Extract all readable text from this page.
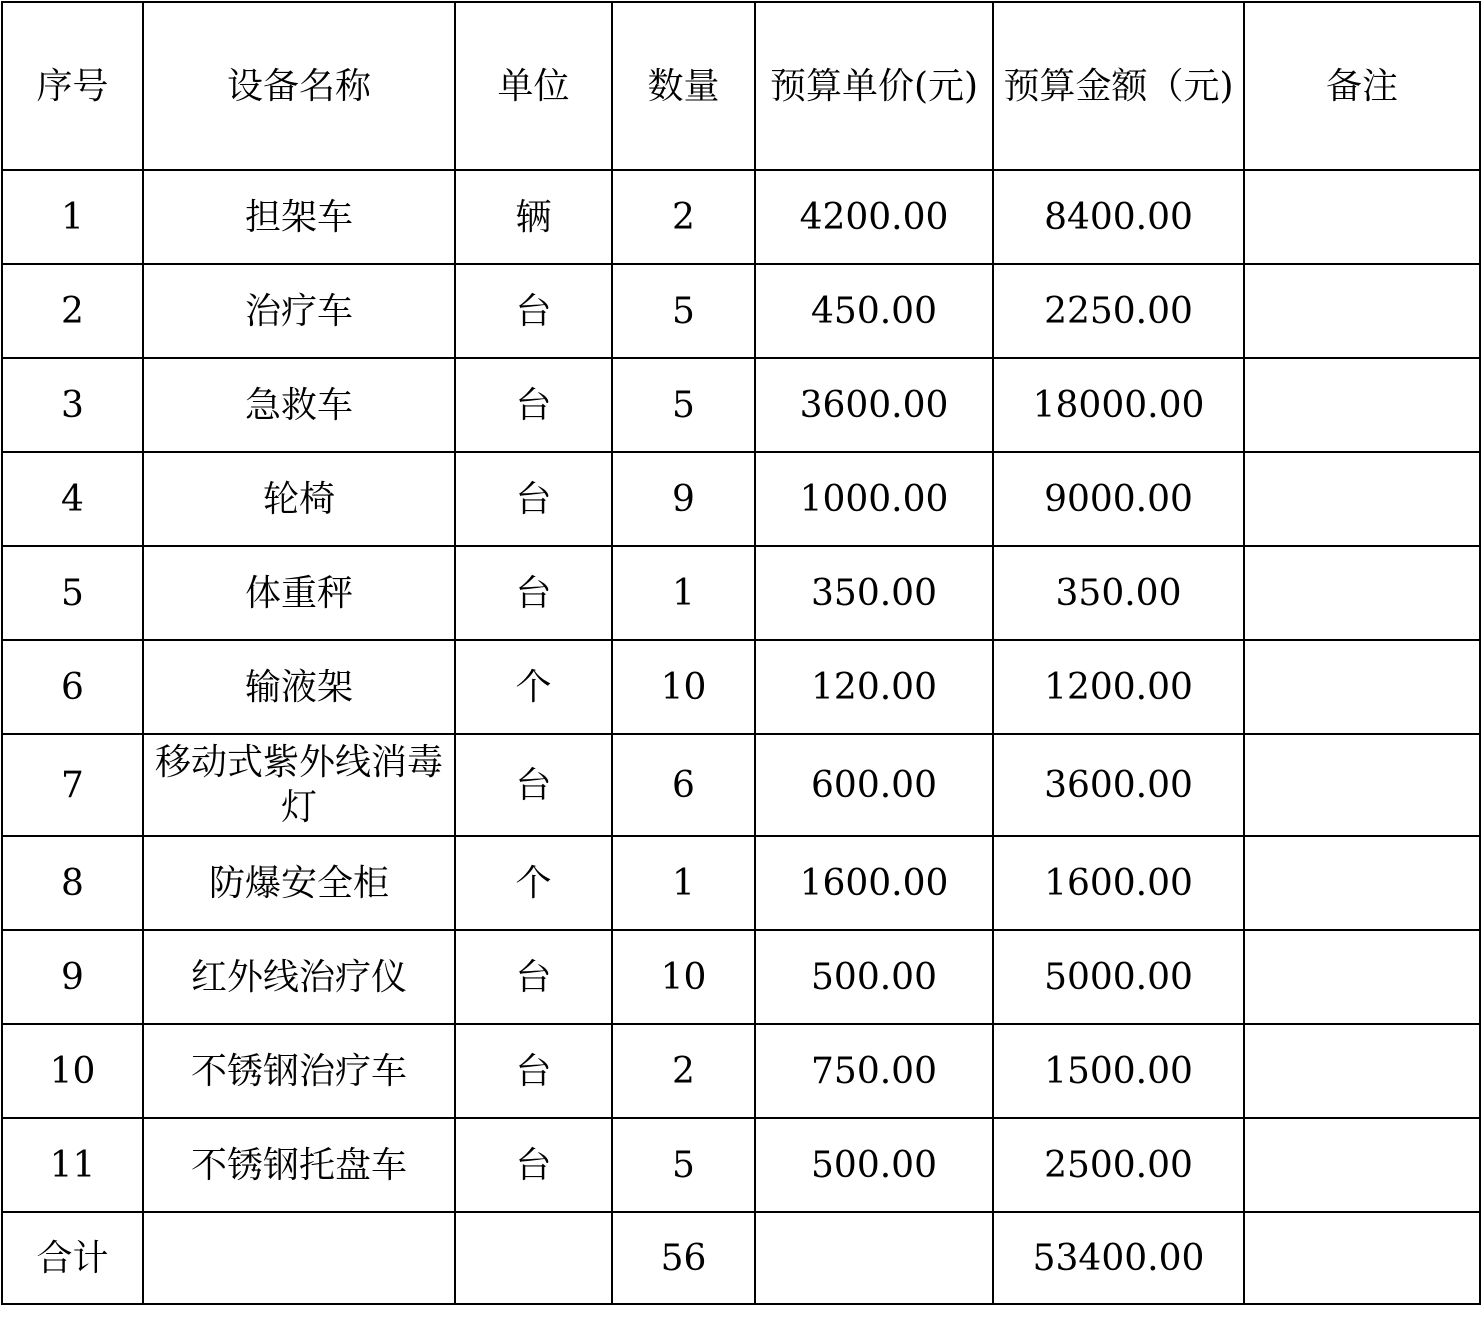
序号	设备名称	单位	数量	预算单价(元)	预算金额（元)	备注
1	担架车	辆	2	4200.00	8400.00	
2	治疗车	台	5	450.00	2250.00	
3	急救车	台	5	3600.00	18000.00	
4	轮椅	台	9	1000.00	9000.00	
5	体重秤	台	1	350.00	350.00	
6	输液架	个	10	120.00	1200.00	
7	移动式紫外线消毒灯	台	6	600.00	3600.00	
8	防爆安全柜	个	1	1600.00	1600.00	
9	红外线治疗仪	台	10	500.00	5000.00	
10	不锈钢治疗车	台	2	750.00	1500.00	
11	不锈钢托盘车	台	5	500.00	2500.00	
合计			56		53400.00	
